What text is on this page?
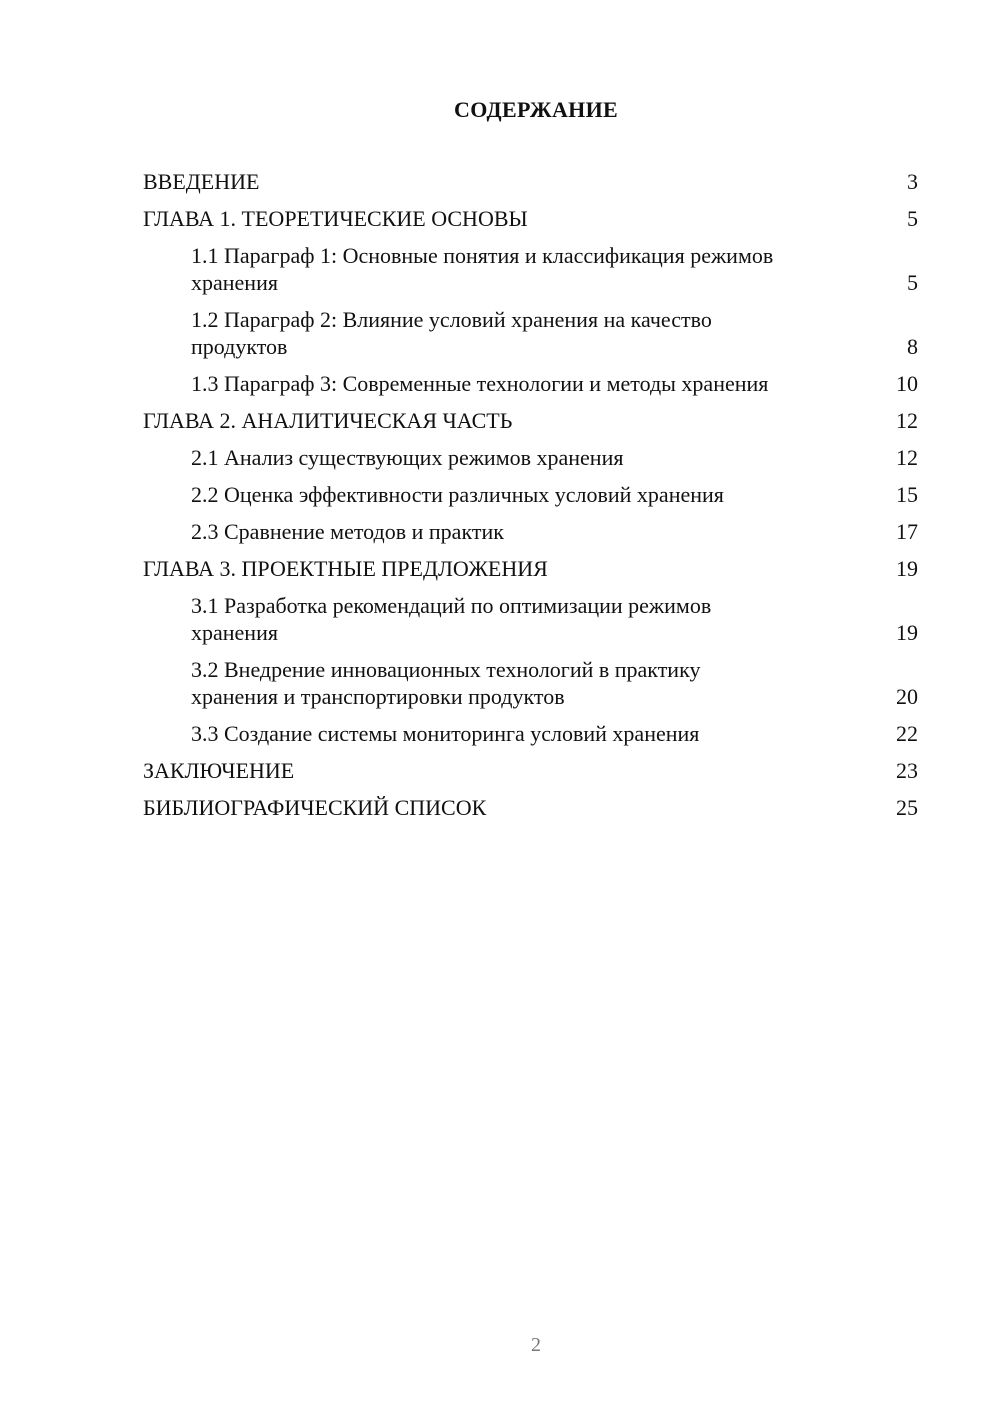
СОДЕРЖАНИЕ
ВВЕДЕНИЕ	3
ГЛАВА 1. ТЕОРЕТИЧЕСКИЕ ОСНОВЫ	5
1.1 Параграф 1: Основные понятия и классификация режимов хранения	5
1.2 Параграф 2: Влияние условий хранения на качество продуктов	8
1.3 Параграф 3: Современные технологии и методы хранения	10
ГЛАВА 2. АНАЛИТИЧЕСКАЯ ЧАСТЬ	12
2.1 Анализ существующих режимов хранения	12
2.2 Оценка эффективности различных условий хранения	15
2.3 Сравнение методов и практик	17
ГЛАВА 3. ПРОЕКТНЫЕ ПРЕДЛОЖЕНИЯ	19
3.1 Разработка рекомендаций по оптимизации режимов хранения	19
3.2 Внедрение инновационных технологий в практику хранения и транспортировки продуктов	20
3.3 Создание системы мониторинга условий хранения	22
ЗАКЛЮЧЕНИЕ	23
БИБЛИОГРАФИЧЕСКИЙ СПИСОК	25
2
